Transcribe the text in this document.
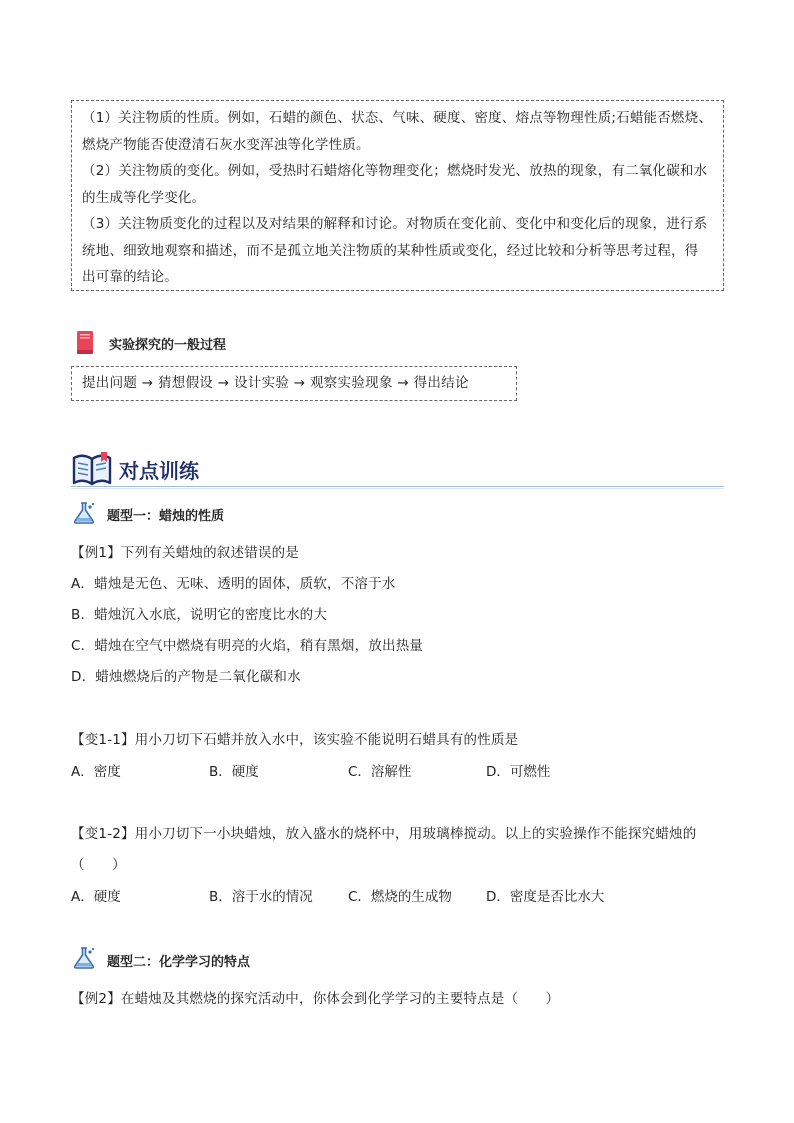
（1）关注物质的性质。例如，石蜡的颜色、状态、气味、硬度、密度、熔点等物理性质;石蜡能否燃烧、

燃烧产物能否使澄清石灰水变浑浊等化学性质。

（2）关注物质的变化。例如，受热时石蜡熔化等物理变化；燃烧时发光、放热的现象，有二氧化碳和水

的生成等化学变化。

（3）关注物质变化的过程以及对结果的解释和讨论。对物质在变化前、变化中和变化后的现象，进行系

统地、细致地观察和描述，而不是孤立地关注物质的某种性质或变化，经过比较和分析等思考过程，得

出可靠的结论。

实验探究的一般过程
提出问题 → 猜想假设 → 设计实验 → 观察实验现象 → 得出结论
对点训练
题型一：蜡烛的性质
【例1】下列有关蜡烛的叙述错误的是
A．蜡烛是无色、无味、透明的固体，质软，不溶于水
B．蜡烛沉入水底，说明它的密度比水的大
C．蜡烛在空气中燃烧有明亮的火焰，稍有黑烟，放出热量
D．蜡烛燃烧后的产物是二氧化碳和水
【变1-1】用小刀切下石蜡并放入水中，该实验不能说明石蜡具有的性质是
A．密度	B．硬度	C．溶解性	D．可燃性
【变1-2】用小刀切下一小块蜡烛，放入盛水的烧杯中，用玻璃棒搅动。以上的实验操作不能探究蜡烛的
（　　）
A．硬度	B．溶于水的情况	C．燃烧的生成物	D．密度是否比水大
题型二：化学学习的特点
【例2】在蜡烛及其燃烧的探究活动中，你体会到化学学习的主要特点是（　　）
